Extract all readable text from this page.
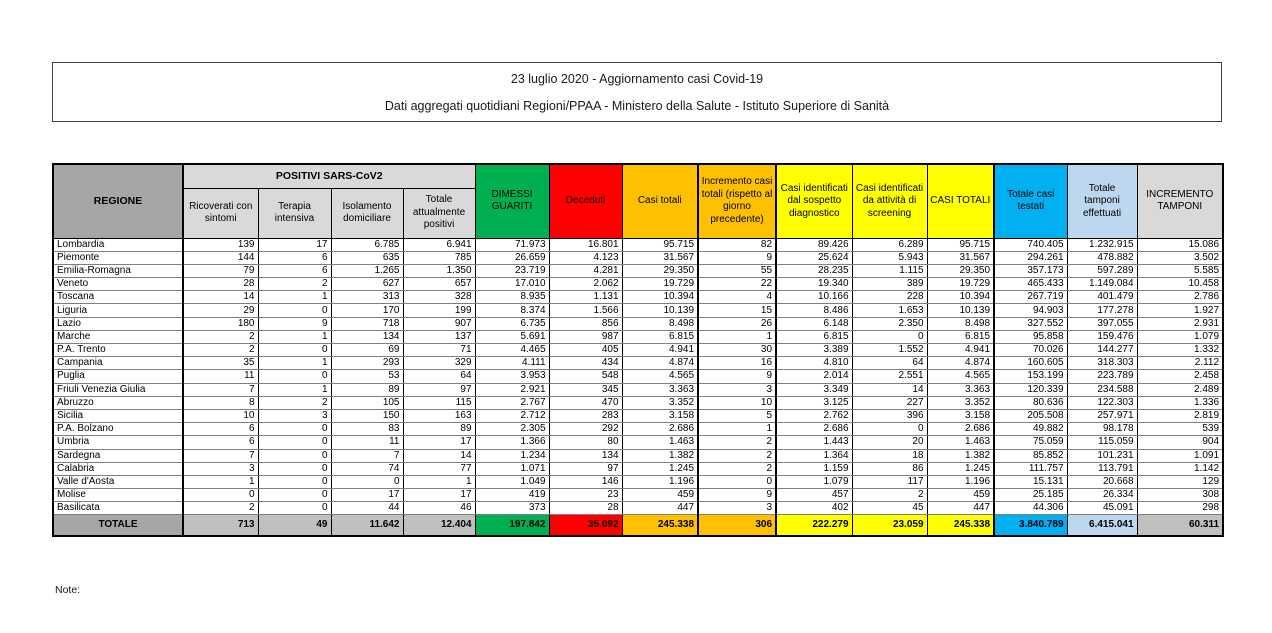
23 luglio 2020 - Aggiornamento casi Covid-19
Dati aggregati quotidiani Regioni/PPAA - Ministero della Salute - Istituto Superiore di Sanità
REGIONE	POSITIVI SARS-CoV2				DIMESSI GUARITI	Deceduti	Casi totali	Incremento casi totali (rispetto al giorno precedente)	Casi identificati dal sospetto diagnostico	Casi identificati da attività di screening	CASI TOTALI	Totale casi testati	Totale tamponi effettuati	INCREMENTO TAMPONI
	Ricoverati con sintomi	Terapia intensiva	Isolamento domiciliare	Totale attualmente positivi										
Lombardia	139	17	6.785	6.941	71.973	16.801	95.715	82	89.426	6.289	95.715	740.405	1.232.915	15.086
Piemonte	144	6	635	785	26.659	4.123	31.567	9	25.624	5.943	31.567	294.261	478.882	3.502
Emilia-Romagna	79	6	1.265	1.350	23.719	4.281	29.350	55	28.235	1.115	29.350	357.173	597.289	5.585
Veneto	28	2	627	657	17.010	2.062	19.729	22	19.340	389	19.729	465.433	1.149.084	10.458
Toscana	14	1	313	328	8.935	1.131	10.394	4	10.166	228	10.394	267.719	401.479	2.786
Liguria	29	0	170	199	8.374	1.566	10.139	15	8.486	1.653	10.139	94.903	177.278	1.927
Lazio	180	9	718	907	6.735	856	8.498	26	6.148	2.350	8.498	327.552	397.055	2.931
Marche	2	1	134	137	5.691	987	6.815	1	6.815	0	6.815	95.858	159.476	1.079
P.A. Trento	2	0	69	71	4.465	405	4.941	30	3.389	1.552	4.941	70.026	144.277	1.332
Campania	35	1	293	329	4.111	434	4.874	16	4.810	64	4.874	160.605	318.303	2.112
Puglia	11	0	53	64	3.953	548	4.565	9	2.014	2.551	4.565	153.199	223.789	2.458
Friuli Venezia Giulia	7	1	89	97	2.921	345	3.363	3	3.349	14	3.363	120.339	234.588	2.489
Abruzzo	8	2	105	115	2.767	470	3.352	10	3.125	227	3.352	80.636	122.303	1.336
Sicilia	10	3	150	163	2.712	283	3.158	5	2.762	396	3.158	205.508	257.971	2.819
P.A. Bolzano	6	0	83	89	2.305	292	2.686	1	2.686	0	2.686	49.882	98.178	539
Umbria	6	0	11	17	1.366	80	1.463	2	1.443	20	1.463	75.059	115.059	904
Sardegna	7	0	7	14	1.234	134	1.382	2	1.364	18	1.382	85.852	101.231	1.091
Calabria	3	0	74	77	1.071	97	1.245	2	1.159	86	1.245	111.757	113.791	1.142
Valle d'Aosta	1	0	0	1	1.049	146	1.196	0	1.079	117	1.196	15.131	20.668	129
Molise	0	0	17	17	419	23	459	9	457	2	459	25.185	26.334	308
Basilicata	2	0	44	46	373	28	447	3	402	45	447	44.306	45.091	298
TOTALE	713	49	11.642	12.404	197.842	35.092	245.338	306	222.279	23.059	245.338	3.840.789	6.415.041	60.311
Note:
